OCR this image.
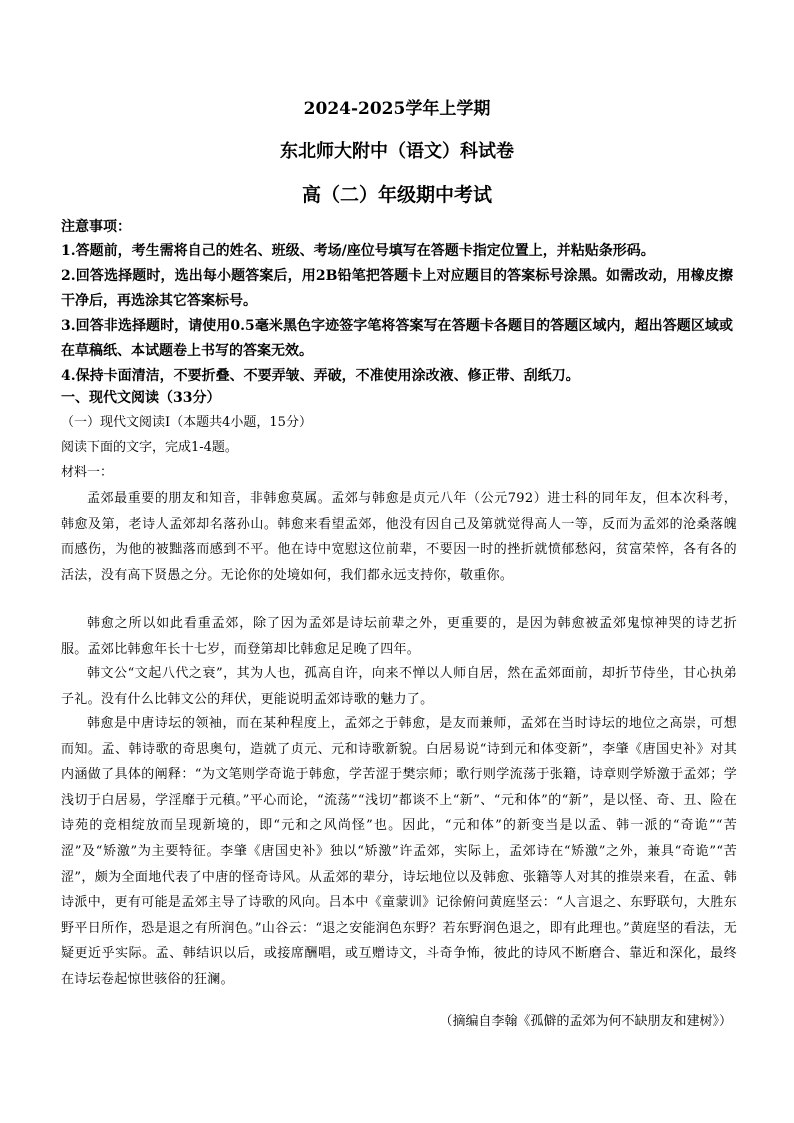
2024-2025学年上学期
东北师大附中（语文）科试卷
高（二）年级期中考试
注意事项：
1.答题前，考生需将自己的姓名、班级、考场/座位号填写在答题卡指定位置上，并粘贴条形码。
2.回答选择题时，选出每小题答案后，用2B铅笔把答题卡上对应题目的答案标号涂黑。如需改动，用橡皮擦干净后，再选涂其它答案标号。
3.回答非选择题时，请使用0.5毫米黑色字迹签字笔将答案写在答题卡各题目的答题区域内，超出答题区域或在草稿纸、本试题卷上书写的答案无效。
4.保持卡面清洁，不要折叠、不要弄皱、弄破，不准使用涂改液、修正带、刮纸刀。
一、现代文阅读（33分）
（一）现代文阅读Ⅰ（本题共4小题，15分）
阅读下面的文字，完成1-4题。
材料一：
孟郊最重要的朋友和知音，非韩愈莫属。孟郊与韩愈是贞元八年（公元792）进士科的同年友，但本次科考，韩愈及第，老诗人孟郊却名落孙山。韩愈来看望孟郊，他没有因自己及第就觉得高人一等，反而为孟郊的沧桑落魄而感伤，为他的被黜落而感到不平。他在诗中宽慰这位前辈，不要因一时的挫折就愤郁愁闷，贫富荣悴，各有各的活法，没有高下贤愚之分。无论你的处境如何，我们都永远支持你，敬重你。
韩愈之所以如此看重孟郊，除了因为孟郊是诗坛前辈之外，更重要的，是因为韩愈被孟郊鬼惊神哭的诗艺折服。孟郊比韩愈年长十七岁，而登第却比韩愈足足晚了四年。
韩文公“文起八代之衰”，其为人也，孤高自许，向来不惮以人师自居，然在孟郊面前，却折节侍坐，甘心执弟子礼。没有什么比韩文公的拜伏，更能说明孟郊诗歌的魅力了。
韩愈是中唐诗坛的领袖，而在某种程度上，孟郊之于韩愈，是友而兼师，孟郊在当时诗坛的地位之高崇，可想而知。孟、韩诗歌的奇思奥句，造就了贞元、元和诗歌新貌。白居易说“诗到元和体变新”，李肇《唐国史补》对其内涵做了具体的阐释：“为文笔则学奇诡于韩愈，学苦涩于樊宗师；歌行则学流荡于张籍，诗章则学矫激于孟郊；学浅切于白居易，学淫靡于元稹。”平心而论，“流荡”“浅切”都谈不上“新”、“元和体”的“新”，是以怪、奇、丑、险在诗苑的竞相绽放而呈现新境的，即“元和之风尚怪”也。因此，“元和体”的新变当是以孟、韩一派的“奇诡”“苦涩”及“矫激”为主要特征。李肇《唐国史补》独以“矫激”许孟郊，实际上，孟郊诗在“矫激”之外，兼具“奇诡”“苦涩”，颇为全面地代表了中唐的怪奇诗风。从孟郊的辈分，诗坛地位以及韩愈、张籍等人对其的推崇来看，在孟、韩诗派中，更有可能是孟郊主导了诗歌的风向。吕本中《童蒙训》记徐俯问黄庭坚云：“人言退之、东野联句，大胜东野平日所作，恐是退之有所润色。”山谷云：“退之安能润色东野？若东野润色退之，即有此理也。”黄庭坚的看法，无疑更近乎实际。孟、韩结识以后，或接席酬唱，或互赠诗文，斗奇争怖，彼此的诗风不断磨合、靠近和深化，最终在诗坛卷起惊世骇俗的狂澜。
（摘编自李翰《孤僻的孟郊为何不缺朋友和建树》）
